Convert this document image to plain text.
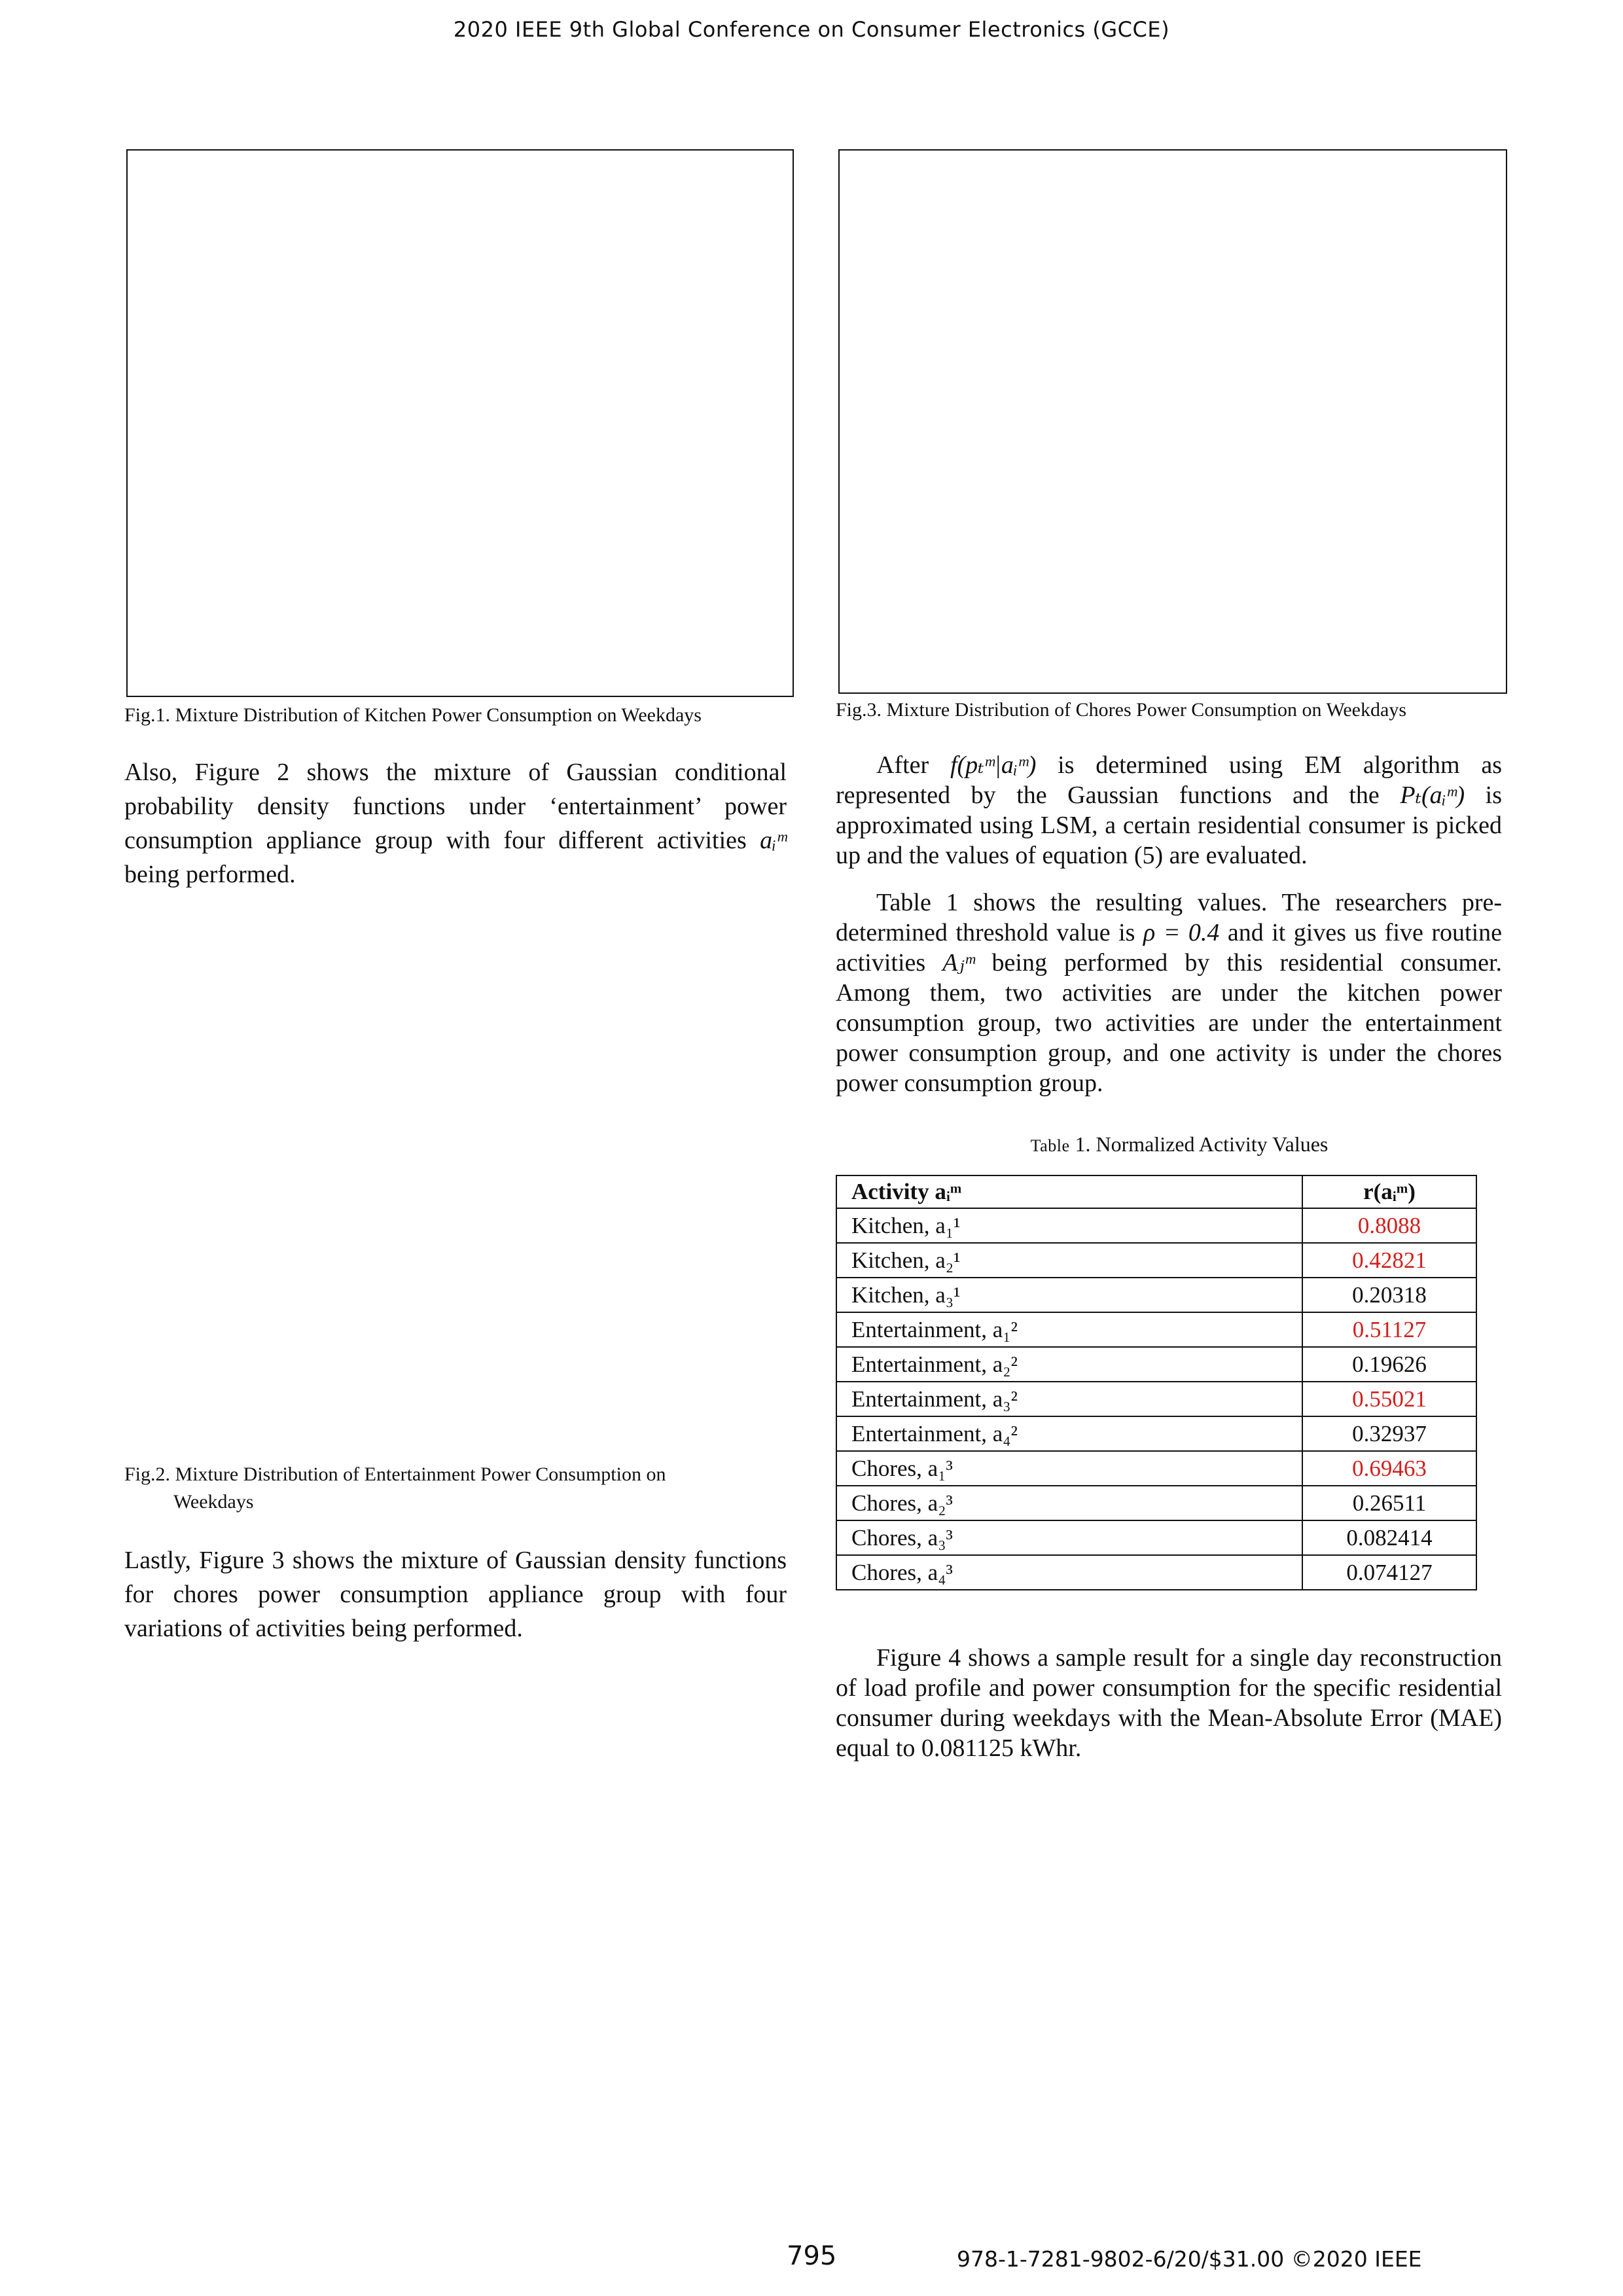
2020 IEEE 9th Global Conference on Consumer Electronics (GCCE)
Fig.1. Mixture Distribution of Kitchen Power Consumption on Weekdays	Fig.3. Mixture Distribution of Chores Power Consumption on Weekdays
Also, Figure 2 shows the mixture of Gaussian conditional probability density functions under ‘entertainment’ power consumption appliance group with four different activities aᵢᵐ being performed.
Fig.2. Mixture Distribution of Entertainment Power Consumption on
Weekdays
Lastly, Figure 3 shows the mixture of Gaussian density functions for chores power consumption appliance group with four variations of activities being performed.
After f(pₜᵐ|aᵢᵐ) is determined using EM algorithm as represented by the Gaussian functions and the Pₜ(aᵢᵐ) is approximated using LSM, a certain residential consumer is picked up and the values of equation (5) are evaluated.
Table 1 shows the resulting values. The researchers pre-determined threshold value is ρ = 0.4 and it gives us five routine activities Aⱼᵐ being performed by this residential consumer. Among them, two activities are under the kitchen power consumption group, two activities are under the entertainment power consumption group, and one activity is under the chores power consumption group.
Table 1. Normalized Activity Values
Activity aᵢᵐ	r(aᵢᵐ)
Kitchen, a₁¹	0.8088
Kitchen, a₂¹	0.42821
Kitchen, a₃¹	0.20318
Entertainment, a₁²	0.51127
Entertainment, a₂²	0.19626
Entertainment, a₃²	0.55021
Entertainment, a₄²	0.32937
Chores, a₁³	0.69463
Chores, a₂³	0.26511
Chores, a₃³	0.082414
Chores, a₄³	0.074127
Figure 4 shows a sample result for a single day reconstruction of load profile and power consumption for the specific residential consumer during weekdays with the Mean-Absolute Error (MAE) equal to 0.081125 kWhr.
795	978-1-7281-9802-6/20/$31.00 ©2020 IEEE
